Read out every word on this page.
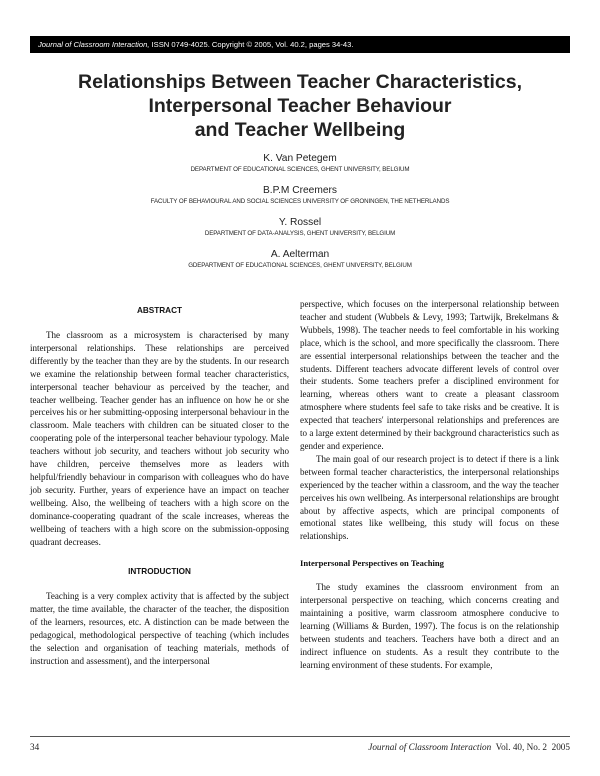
Journal of Classroom Interaction, ISSN 0749-4025. Copyright © 2005, Vol. 40.2, pages 34-43.
Relationships Between Teacher Characteristics,
Interpersonal Teacher Behaviour
and Teacher Wellbeing
K. Van Petegem
DEPARTMENT OF EDUCATIONAL SCIENCES, GHENT UNIVERSITY, BELGIUM
B.P.M Creemers
FACULTY OF BEHAVIOURAL AND SOCIAL SCIENCES UNIVERSITY OF GRONINGEN, THE NETHERLANDS
Y. Rossel
DEPARTMENT OF DATA-ANALYSIS, GHENT UNIVERSITY, BELGIUM
A. Aelterman
GDEPARTMENT OF EDUCATIONAL SCIENCES, GHENT UNIVERSITY, BELGIUM

ABSTRACT

The classroom as a microsystem is characterised by many interpersonal relationships. These relationships are perceived differently by the teacher than they are by the students. In our research we examine the relationship between formal teacher characteristics, interpersonal teacher behaviour as perceived by the teacher, and teacher wellbeing. Teacher gender has an influence on how he or she perceives his or her submitting-opposing interpersonal behaviour in the classroom. Male teachers with children can be situated closer to the cooperating pole of the interpersonal teacher behaviour typology. Male teachers without job security, and teachers without job security who have children, perceive themselves more as leaders with helpful/friendly behaviour in comparison with colleagues who do have job security. Further, years of experience have an impact on teacher wellbeing. Also, the wellbeing of teachers with a high score on the dominance-cooperating quadrant of the scale increases, whereas the wellbeing of teachers with a high score on the submission-opposing quadrant decreases.

INTRODUCTION

Teaching is a very complex activity that is affected by the subject matter, the time available, the character of the teacher, the disposition of the learners, resources, etc. A distinction can be made between the pedagogical, methodological perspective of teaching (which includes the selection and organisation of teaching materials, methods of instruction and assessment), and the interpersonal

perspective, which focuses on the interpersonal relationship between teacher and student (Wubbels & Levy, 1993; Tartwijk, Brekelmans & Wubbels, 1998). The teacher needs to feel comfortable in his working place, which is the school, and more specifically the classroom. There are essential interpersonal relationships between the teacher and the students. Different teachers advocate different levels of control over their students. Some teachers prefer a disciplined environment for learning, whereas others want to create a pleasant classroom atmosphere where students feel safe to take risks and be creative. It is expected that teachers' interpersonal relationships and preferences are to a large extent determined by their background characteristics such as gender and experience.

The main goal of our research project is to detect if there is a link between formal teacher characteristics, the interpersonal relationships experienced by the teacher within a classroom, and the way the teacher perceives his own wellbeing. As interpersonal relationships are brought about by affective aspects, which are principal components of emotional states like wellbeing, this study will focus on these relationships.

Interpersonal Perspectives on Teaching

The study examines the classroom environment from an interpersonal perspective on teaching, which concerns creating and maintaining a positive, warm classroom atmosphere conducive to learning (Williams & Burden, 1997). The focus is on the relationship between students and teachers. Teachers have both a direct and an indirect influence on students. As a result they contribute to the learning environment of these students. For example,

34	Journal of Classroom Interaction  Vol. 40, No. 2  2005
